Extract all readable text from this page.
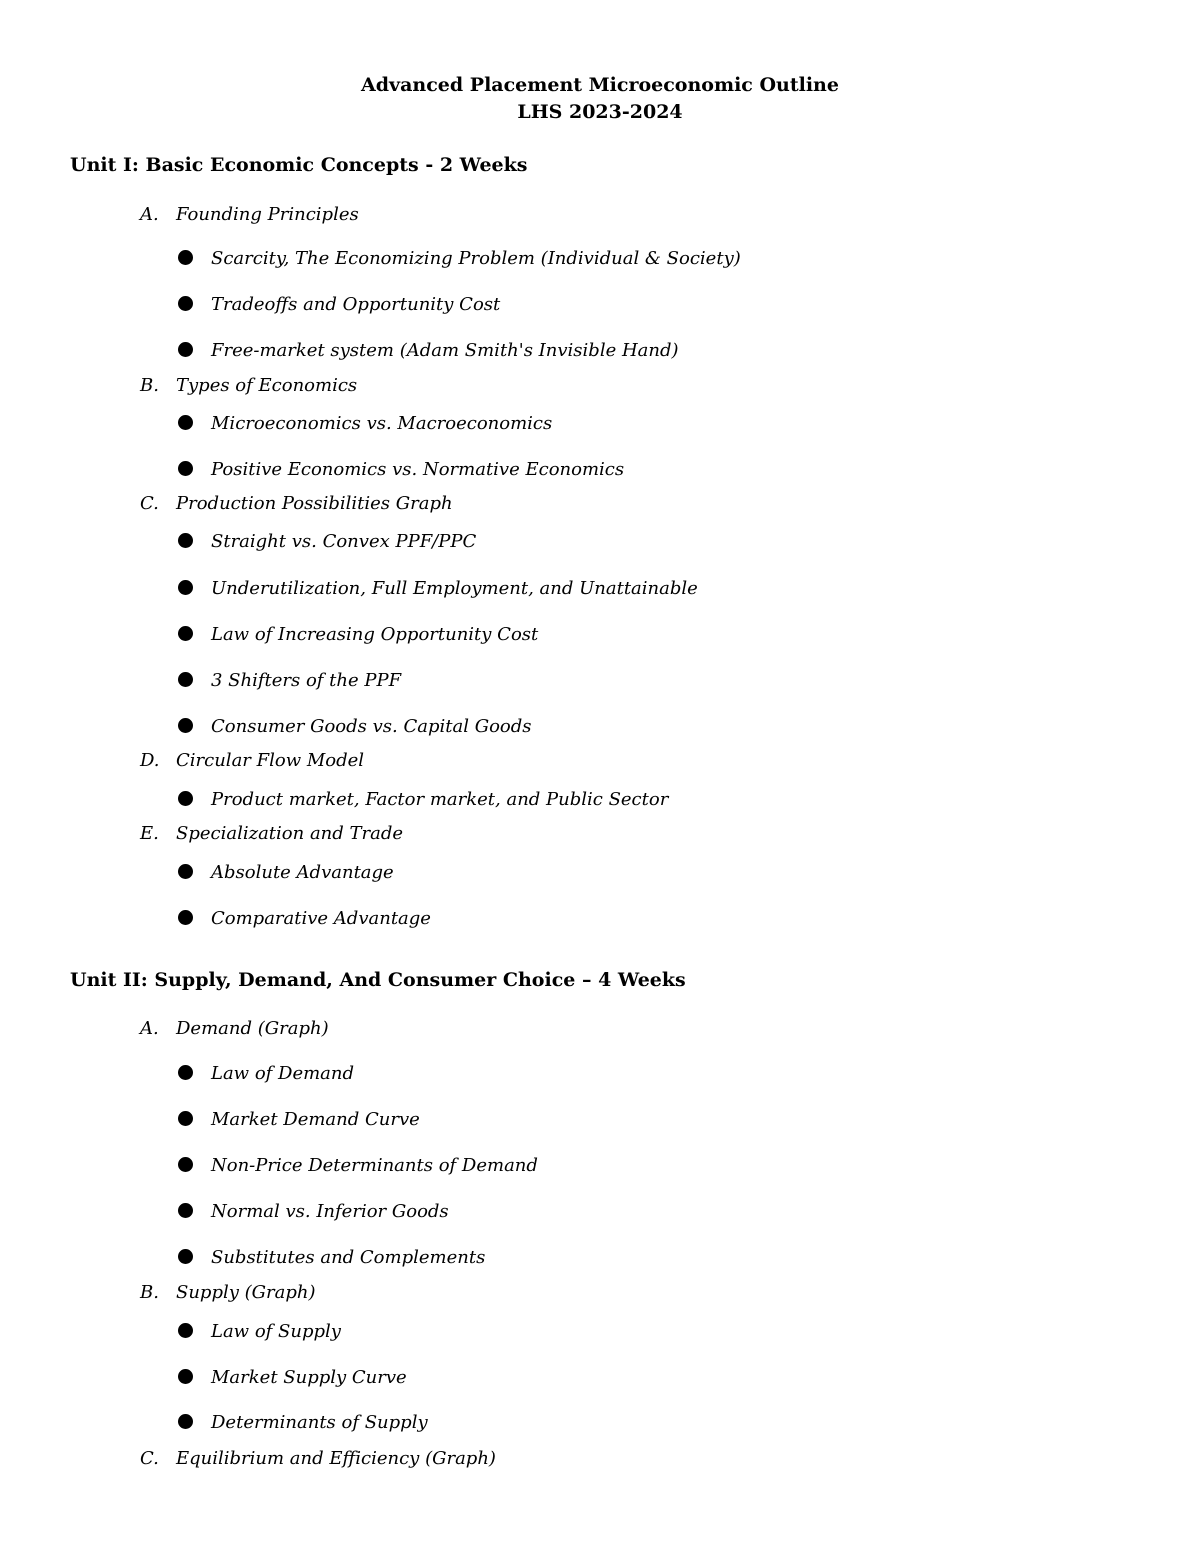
Advanced Placement Microeconomic Outline
LHS 2023-2024
Unit I: Basic Economic Concepts - 2 Weeks
A. Founding Principles
Scarcity, The Economizing Problem (Individual & Society)
Tradeoffs and Opportunity Cost
Free-market system (Adam Smith's Invisible Hand)
B. Types of Economics
Microeconomics vs. Macroeconomics
Positive Economics vs. Normative Economics
C. Production Possibilities Graph
Straight vs. Convex PPF/PPC
Underutilization, Full Employment, and Unattainable
Law of Increasing Opportunity Cost
3 Shifters of the PPF
Consumer Goods vs. Capital Goods
D. Circular Flow Model
Product market, Factor market, and Public Sector
E. Specialization and Trade
Absolute Advantage
Comparative Advantage
Unit II: Supply, Demand, And Consumer Choice – 4 Weeks
A. Demand (Graph)
Law of Demand
Market Demand Curve
Non-Price Determinants of Demand
Normal vs. Inferior Goods
Substitutes and Complements
B. Supply (Graph)
Law of Supply
Market Supply Curve
Determinants of Supply
C. Equilibrium and Efficiency (Graph)
